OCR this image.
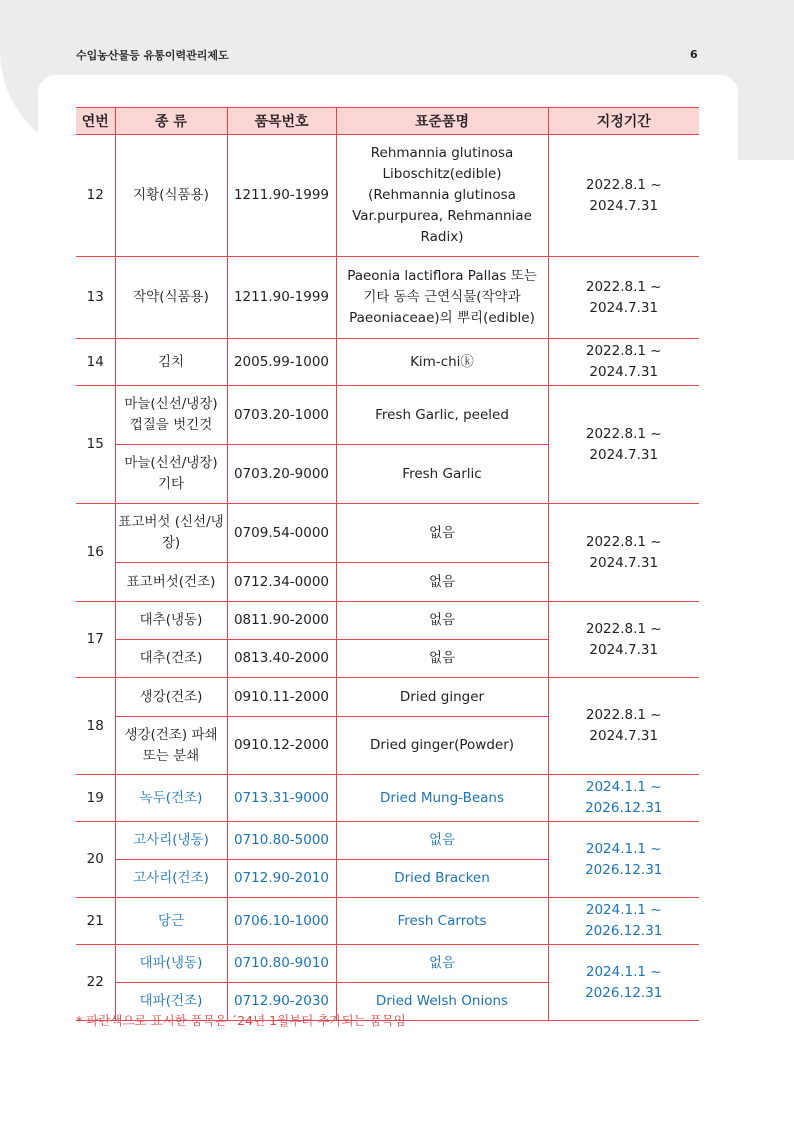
수입농산물등 유통이력관리제도	6
연번	종 류	품목번호	표준품명	지정기간
12	지황(식품용)	1211.90-1999	Rehmannia glutinosa Liboschitz(edible) (Rehmannia glutinosa Var.purpurea, Rehmanniae Radix)	2022.8.1 ~ 2024.7.31
13	작약(식품용)	1211.90-1999	Paeonia lactiflora Pallas 또는 기타 동속 근연식물(작약과 Paeoniaceae)의 뿌리(edible)	2022.8.1 ~ 2024.7.31
14	김치	2005.99-1000	Kim-chiⓚ	2022.8.1 ~ 2024.7.31
15	마늘(신선/냉장) 껍질을 벗긴것	0703.20-1000	Fresh Garlic, peeled	2022.8.1 ~ 2024.7.31
	마늘(신선/냉장) 기타	0703.20-9000	Fresh Garlic	
16	표고버섯 (신선/냉장)	0709.54-0000	없음	2022.8.1 ~ 2024.7.31
	표고버섯(건조)	0712.34-0000	없음	
17	대추(냉동)	0811.90-2000	없음	2022.8.1 ~ 2024.7.31
	대추(건조)	0813.40-2000	없음	
18	생강(건조)	0910.11-2000	Dried ginger	2022.8.1 ~ 2024.7.31
	생강(건조) 파쇄 또는 분쇄	0910.12-2000	Dried ginger(Powder)	
19	녹두(건조)	0713.31-9000	Dried Mung-Beans	2024.1.1 ~ 2026.12.31
20	고사리(냉동)	0710.80-5000	없음	2024.1.1 ~ 2026.12.31
	고사리(건조)	0712.90-2010	Dried Bracken	
21	당근	0706.10-1000	Fresh Carrots	2024.1.1 ~ 2026.12.31
22	대파(냉동)	0710.80-9010	없음	2024.1.1 ~ 2026.12.31
	대파(건조)	0712.90-2030	Dried Welsh Onions	
* 파란색으로 표시한 품목은 ´24년 1월부터 추가되는 품목임
